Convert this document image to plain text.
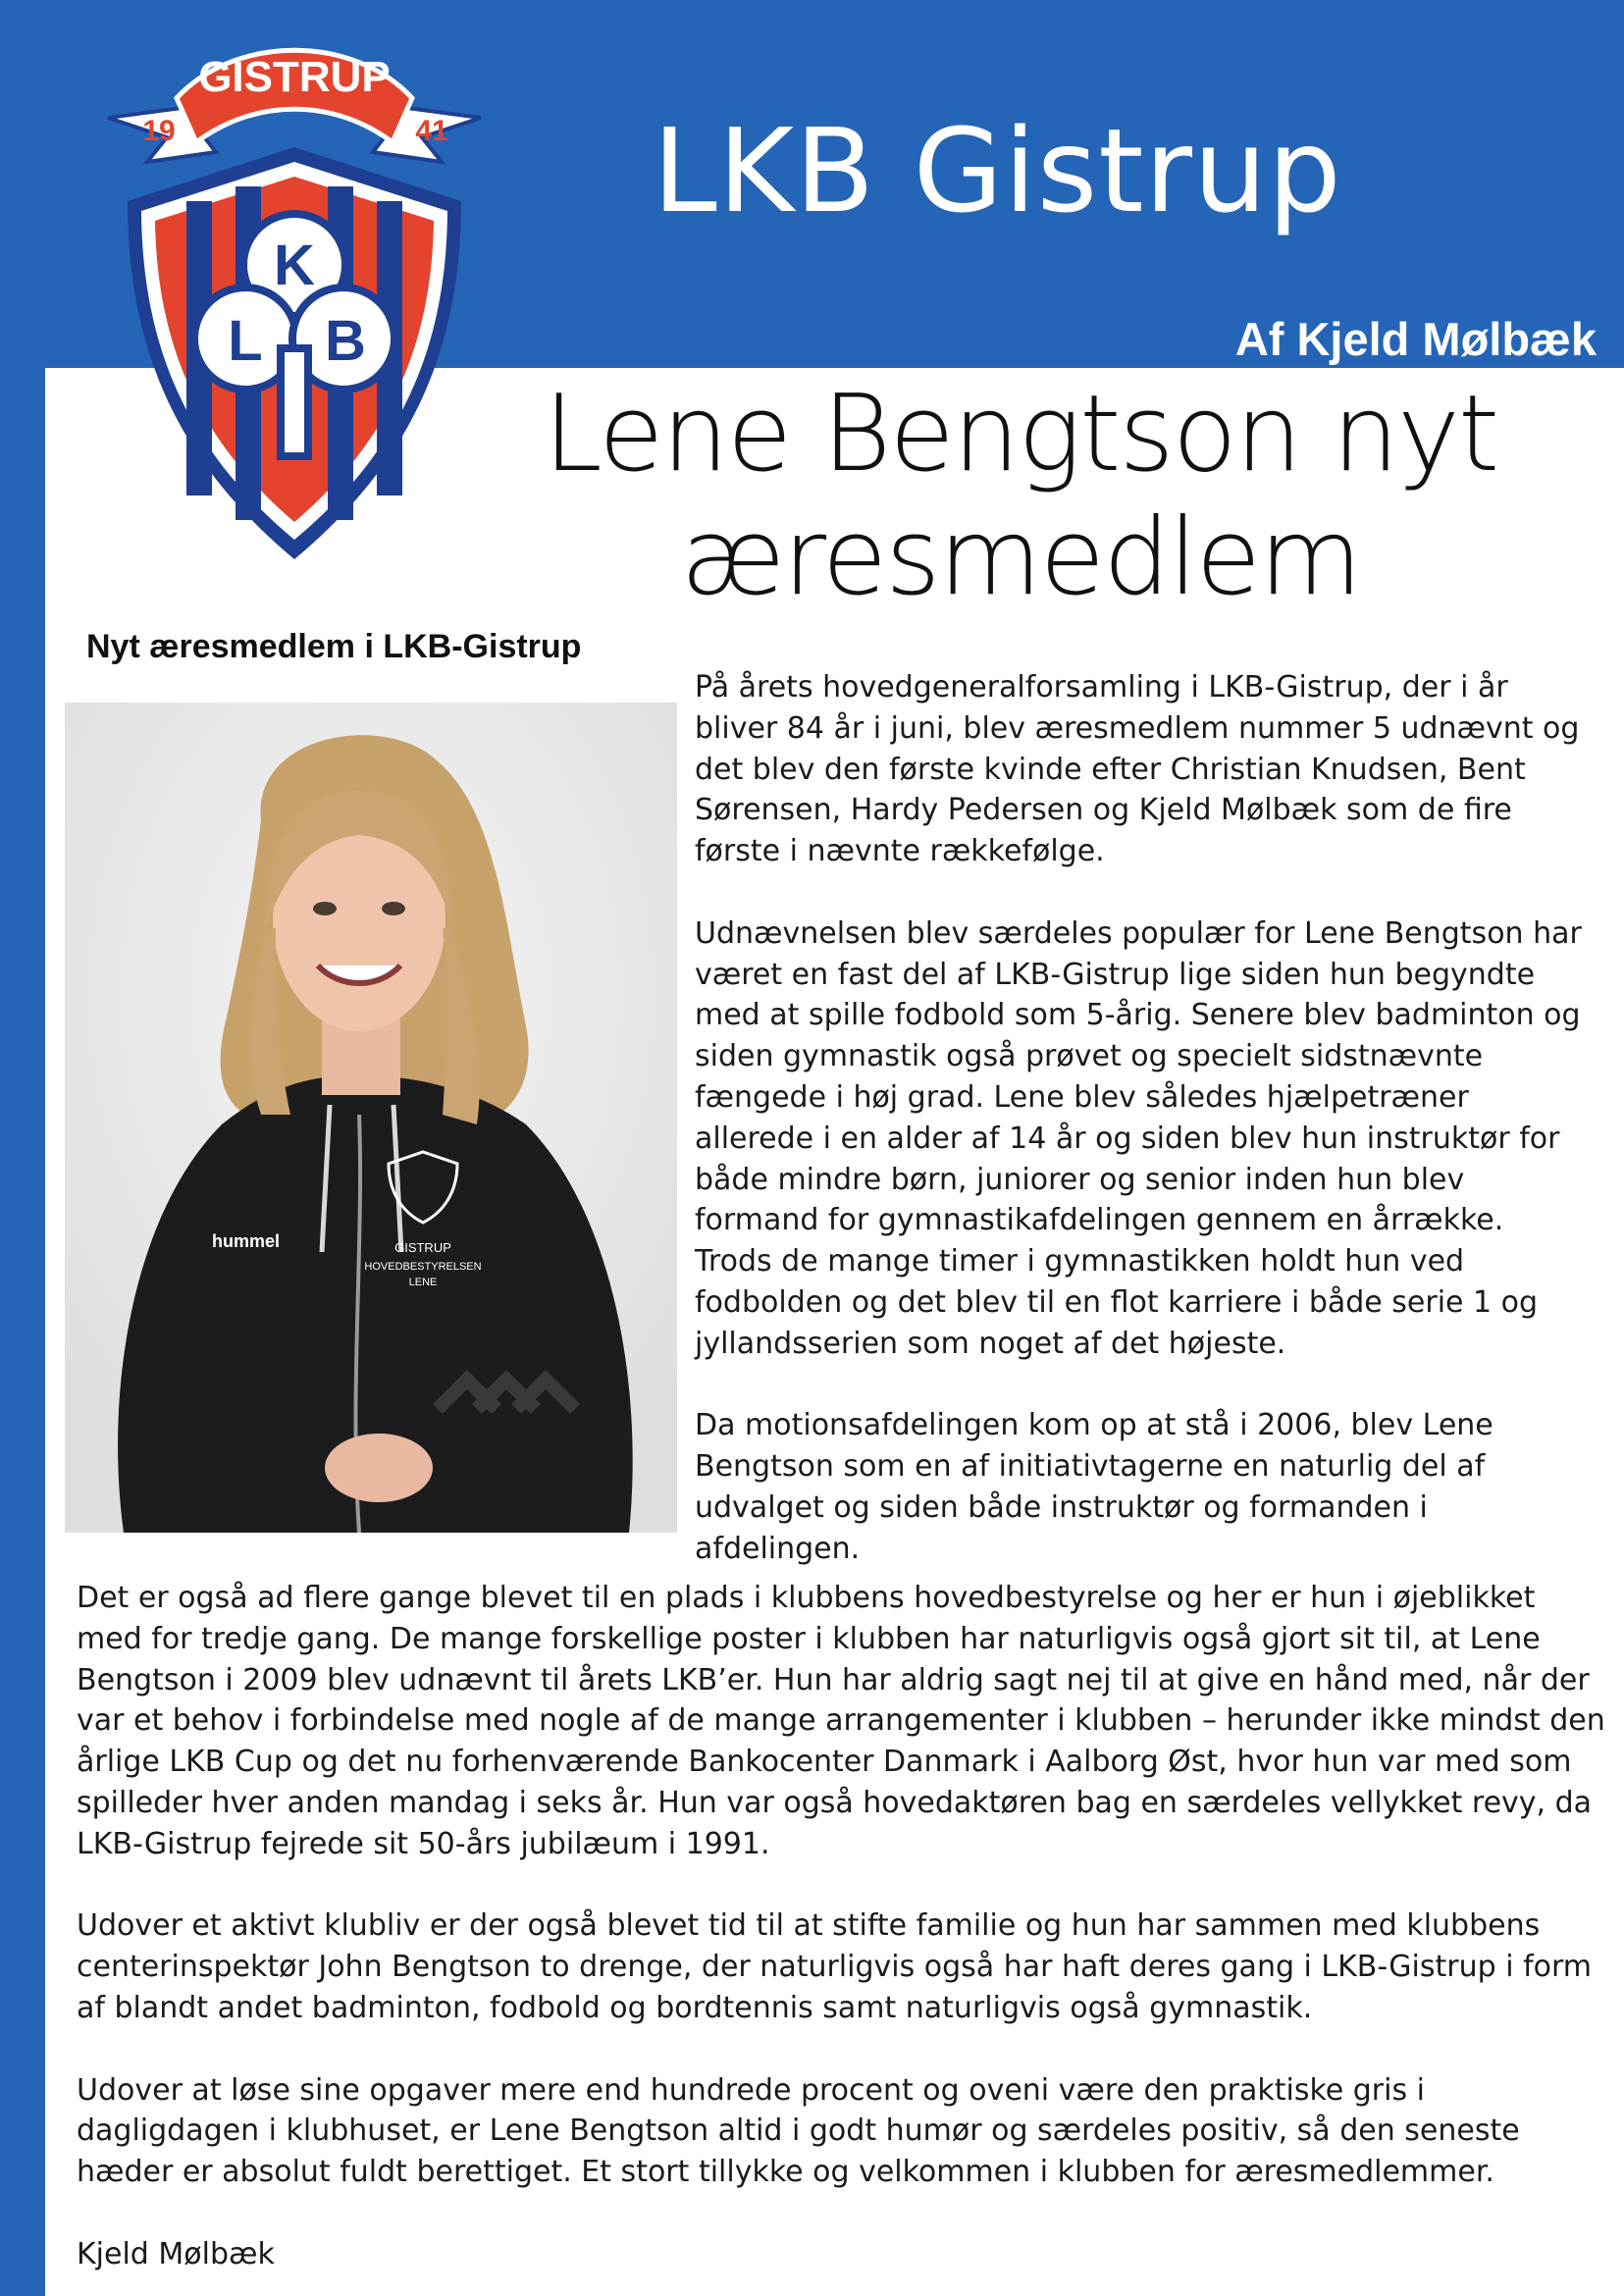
LKB Gistrup
Af Kjeld Mølbæk
K
L B
GISTRUP
19	41
Lene Bengtson nyt
æresmedlem
Nyt æresmedlem i LKB-Gistrup
hummel	GISTRUP
HOVEDBESTYRELSEN
LENE

På årets hovedgeneralforsamling i LKB-Gistrup, der i år bliver 84 år i juni, blev æresmedlem nummer 5 udnævnt og det blev den første kvinde efter Christian Knudsen, Bent Sørensen, Hardy Pedersen og Kjeld Mølbæk som de fire første i nævnte rækkefølge.

Udnævnelsen blev særdeles populær for Lene Bengtson har været en fast del af LKB-Gistrup lige siden hun begyndte med at spille fodbold som 5-årig. Senere blev badminton og siden gymnastik også prøvet og specielt sidstnævnte fængede i høj grad. Lene blev således hjælpetræner allerede i en alder af 14 år og siden blev hun instruktør for både mindre børn, juniorer og senior inden hun blev formand for gymnastikafdelingen gennem en årrække. Trods de mange timer i gymnastikken holdt hun ved fodbolden og det blev til en flot karriere i både serie 1 og jyllandsserien som noget af det højeste.

Da motionsafdelingen kom op at stå i 2006, blev Lene Bengtson som en af initiativtagerne en naturlig del af udvalget og siden både instruktør og formanden i afdelingen.

Det er også ad flere gange blevet til en plads i klubbens hovedbestyrelse og her er hun i øjeblikket med for tredje gang. De mange forskellige poster i klubben har naturligvis også gjort sit til, at Lene Bengtson i 2009 blev udnævnt til årets LKB’er. Hun har aldrig sagt nej til at give en hånd med, når der var et behov i forbindelse med nogle af de mange arrangementer i klubben – herunder ikke mindst den årlige LKB Cup og det nu forhenværende Bankocenter Danmark i Aalborg Øst, hvor hun var med som spilleder hver anden mandag i seks år. Hun var også hovedaktøren bag en særdeles vellykket revy, da LKB-Gistrup fejrede sit 50-års jubilæum i 1991.

Udover et aktivt klubliv er der også blevet tid til at stifte familie og hun har sammen med klubbens centerinspektør John Bengtson to drenge, der naturligvis også har haft deres gang i LKB-Gistrup i form af blandt andet badminton, fodbold og bordtennis samt naturligvis også gymnastik.

Udover at løse sine opgaver mere end hundrede procent og oveni være den praktiske gris i dagligdagen i klubhuset, er Lene Bengtson altid i godt humør og særdeles positiv, så den seneste hæder er absolut fuldt berettiget. Et stort tillykke og velkommen i klubben for æresmedlemmer.

Kjeld Mølbæk
